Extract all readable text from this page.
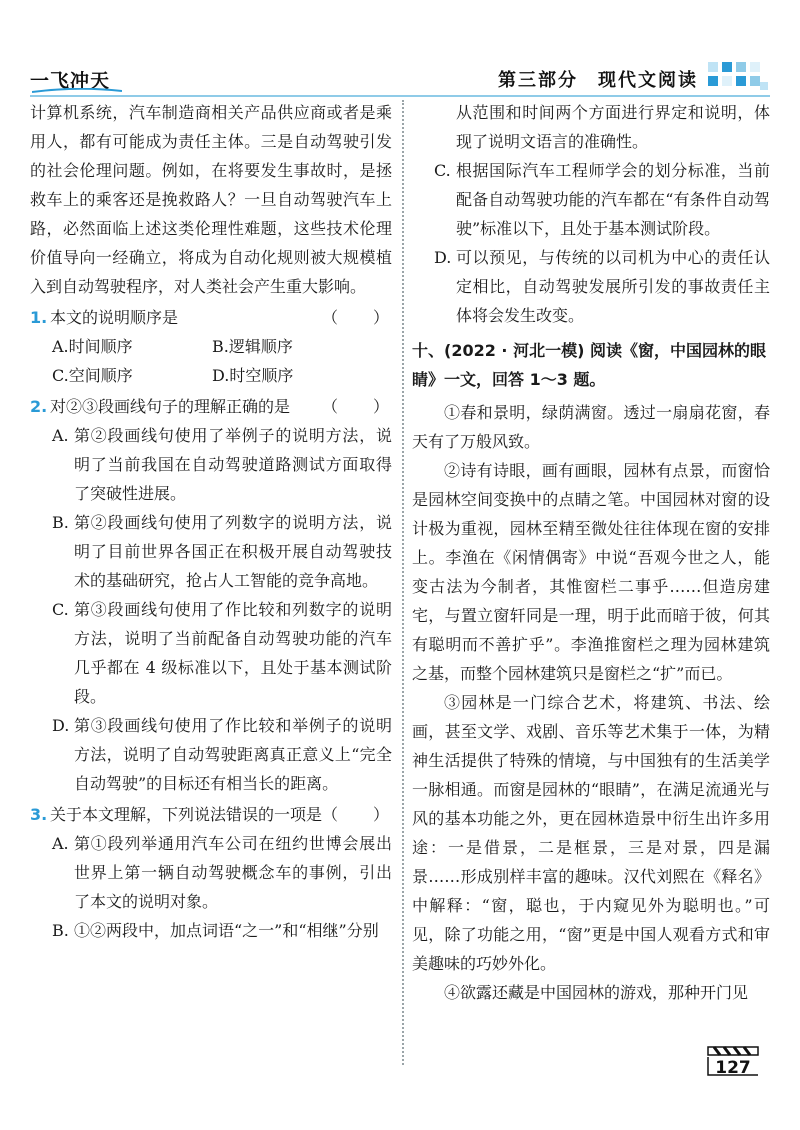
一飞冲天	第三部分　现代文阅读

计算机系统，汽车制造商相关产品供应商或者是乘用人，都有可能成为责任主体。三是自动驾驶引发的社会伦理问题。例如，在将要发生事故时，是拯救车上的乘客还是挽救路人？一旦自动驾驶汽车上路，必然面临上述这类伦理性难题，这些技术伦理价值导向一经确立，将成为自动化规则被大规模植入到自动驾驶程序，对人类社会产生重大影响。

1. 本文的说明顺序是	（　　）
A.时间顺序	B.逻辑顺序
C.空间顺序	D.时空顺序
2. 对②③段画线句子的理解正确的是	（　　）

A. 第②段画线句使用了举例子的说明方法，说明了当前我国在自动驾驶道路测试方面取得了突破性进展。

B. 第②段画线句使用了列数字的说明方法，说明了目前世界各国正在积极开展自动驾驶技术的基础研究，抢占人工智能的竞争高地。

C. 第③段画线句使用了作比较和列数字的说明方法，说明了当前配备自动驾驶功能的汽车几乎都在 4 级标准以下，且处于基本测试阶段。

D. 第③段画线句使用了作比较和举例子的说明方法，说明了自动驾驶距离真正意义上“完全自动驾驶”的目标还有相当长的距离。

3. 关于本文理解，下列说法错误的一项是 （　　）

A. 第①段列举通用汽车公司在纽约世博会展出世界上第一辆自动驾驶概念车的事例，引出了本文的说明对象。

B. ①②两段中，加点词语“之一”和“相继”分别

从范围和时间两个方面进行界定和说明，体现了说明文语言的准确性。

C. 根据国际汽车工程师学会的划分标准，当前配备自动驾驶功能的汽车都在“有条件自动驾驶”标准以下，且处于基本测试阶段。

D. 可以预见，与传统的以司机为中心的责任认定相比，自动驾驶发展所引发的事故责任主体将会发生改变。

十、(2022 · 河北一模) 阅读《窗，中国园林的眼
睛》一文，回答 1～3 题。

①春和景明，绿荫满窗。透过一扇扇花窗，春天有了万般风致。

②诗有诗眼，画有画眼，园林有点景，而窗恰是园林空间变换中的点睛之笔。中国园林对窗的设计极为重视，园林至精至微处往往体现在窗的安排上。李渔在《闲情偶寄》中说“吾观今世之人，能变古法为今制者，其惟窗栏二事乎……但造房建宅，与置立窗轩同是一理，明于此而暗于彼，何其有聪明而不善扩乎”。李渔推窗栏之理为园林建筑之基，而整个园林建筑只是窗栏之“扩”而已。

③园林是一门综合艺术，将建筑、书法、绘画，甚至文学、戏剧、音乐等艺术集于一体，为精神生活提供了特殊的情境，与中国独有的生活美学一脉相通。而窗是园林的“眼睛”，在满足流通光与风的基本功能之外，更在园林造景中衍生出许多用途：一是借景，二是框景，三是对景，四是漏景……形成别样丰富的趣味。汉代刘熙在《释名》中解释：“窗，聪也，于内窥见外为聪明也。”可见，除了功能之用，“窗”更是中国人观看方式和审美趣味的巧妙外化。

④欲露还藏是中国园林的游戏，那种开门见

127
